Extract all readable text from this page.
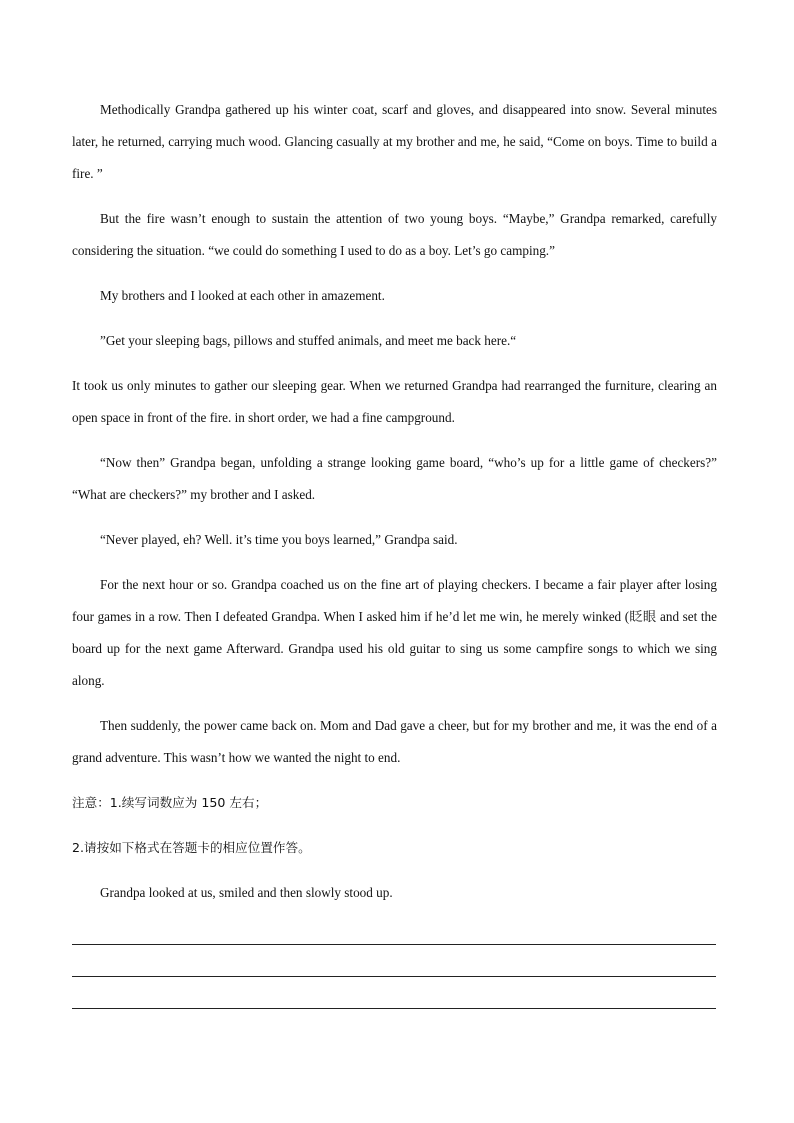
Methodically Grandpa gathered up his winter coat, scarf and gloves, and disappeared into snow. Several minutes later, he returned, carrying much wood. Glancing casually at my brother and me, he said, “Come on boys. Time to build a fire. ”

But the fire wasn’t enough to sustain the attention of two young boys. “Maybe,” Grandpa remarked, carefully considering the situation. “we could do something I used to do as a boy. Let’s go camping.”

My brothers and I looked at each other in amazement.

”Get your sleeping bags, pillows and stuffed animals, and meet me back here.“

It took us only minutes to gather our sleeping gear. When we returned Grandpa had rearranged the furniture, clearing an open space in front of the fire. in short order, we had a fine campground.

“Now then” Grandpa began, unfolding a strange looking game board, “who’s up for a little game of checkers?” “What are checkers?” my brother and I asked.

“Never played, eh? Well. it’s time you boys learned,” Grandpa said.

For the next hour or so. Grandpa coached us on the fine art of playing checkers. I became a fair player after losing four games in a row. Then I defeated Grandpa. When I asked him if he’d let me win, he merely winked (眨眼 and set the board up for the next game Afterward. Grandpa used his old guitar to sing us some campfire songs to which we sing along.

Then suddenly, the power came back on. Mom and Dad gave a cheer, but for my brother and me, it was the end of a grand adventure. This wasn’t how we wanted the night to end.

注意：1.续写词数应为 150 左右；

2.请按如下格式在答题卡的相应位置作答。

Grandpa looked at us, smiled and then slowly stood up.
